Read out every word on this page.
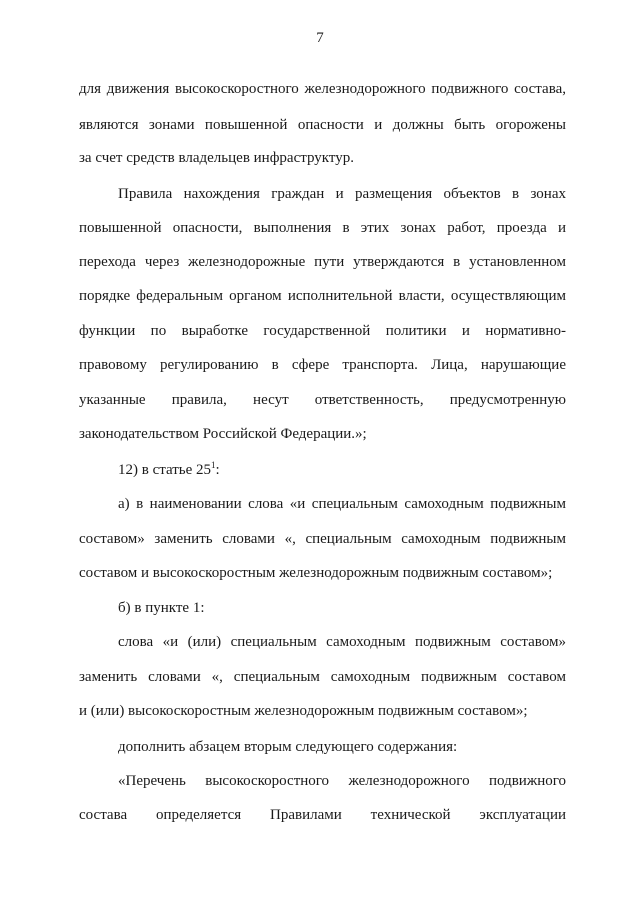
7
для движения высокоскоростного железнодорожного подвижного состава,
являются зонами повышенной опасности и должны быть огорожены
за счет средств владельцев инфраструктур.
Правила нахождения граждан и размещения объектов в зонах
повышенной опасности, выполнения в этих зонах работ, проезда и
перехода через железнодорожные пути утверждаются в установленном
порядке федеральным органом исполнительной власти, осуществляющим
функции по выработке государственной политики и нормативно-
правовому регулированию в сфере транспорта. Лица, нарушающие
указанные правила, несут ответственность, предусмотренную
законодательством Российской Федерации.»;
12) в статье $25^1$:
а) в наименовании слова «и специальным самоходным подвижным
составом» заменить словами «, специальным самоходным подвижным
составом и высокоскоростным железнодорожным подвижным составом»;
б) в пункте 1:
слова «и (или) специальным самоходным подвижным составом»
заменить словами «, специальным самоходным подвижным составом
и (или) высокоскоростным железнодорожным подвижным составом»;
дополнить абзацем вторым следующего содержания:
«Перечень высокоскоростного железнодорожного подвижного
состава определяется Правилами технической эксплуатации
